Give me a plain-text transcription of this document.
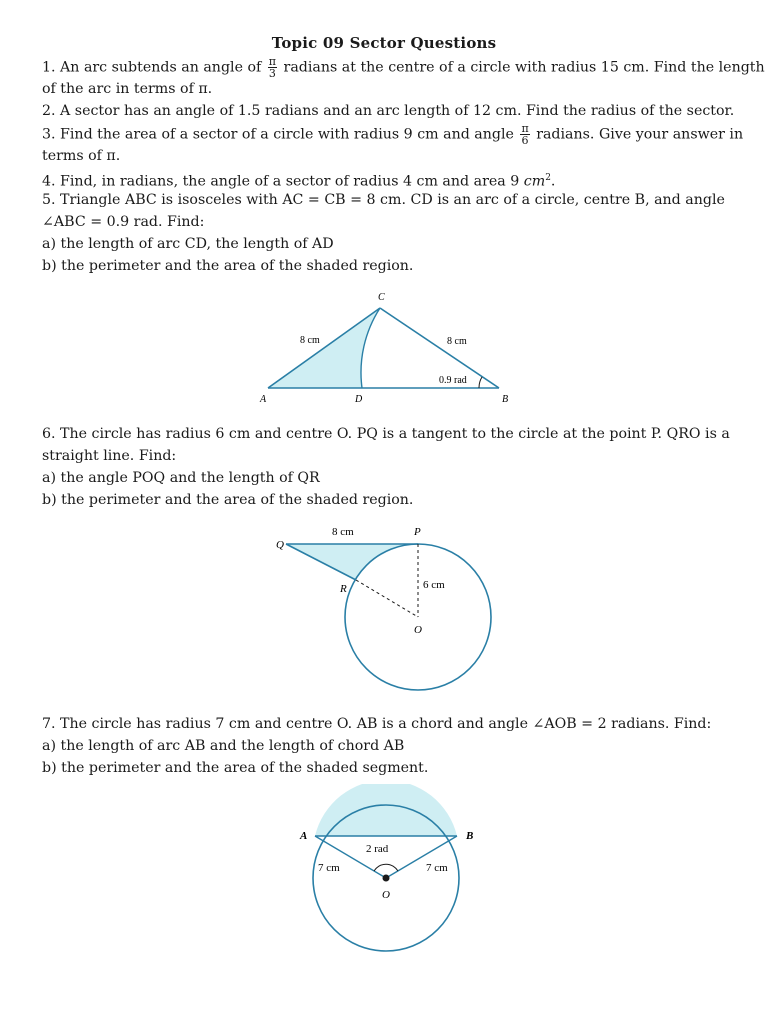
Topic 09 Sector Questions
1. An arc subtends an angle of $\frac{\pi}{3}$ radians at the centre of a circle with radius 15 cm. Find the length
of the arc in terms of π.
2. A sector has an angle of 1.5 radians and an arc length of 12 cm. Find the radius of the sector.
3. Find the area of a sector of a circle with radius 9 cm and angle $\frac{\pi}{6}$ radians. Give your answer in
terms of π.
4. Find, in radians, the angle of a sector of radius 4 cm and area 9 $cm^2$.
5. Triangle ABC is isosceles with AC = CB = 8 cm. CD is an arc of a circle, centre B, and angle
∠ABC = 0.9 rad. Find:
a) the length of arc CD, the length of AD
b) the perimeter and the area of the shaded region.
C
A	D	B
8 cm	8 cm
0.9 rad
6. The circle has radius 6 cm and centre O. PQ is a tangent to the circle at the point P. QRO is a
straight line. Find:
a) the angle POQ and the length of QR
b) the perimeter and the area of the shaded region.
Q
P
R
O
8 cm
6 cm
7. The circle has radius 7 cm and centre O. AB is a chord and angle ∠AOB = 2 radians. Find:
a) the length of arc AB and the length of chord AB
b) the perimeter and the area of the shaded segment.
A	B
O
2 rad
7 cm	7 cm
